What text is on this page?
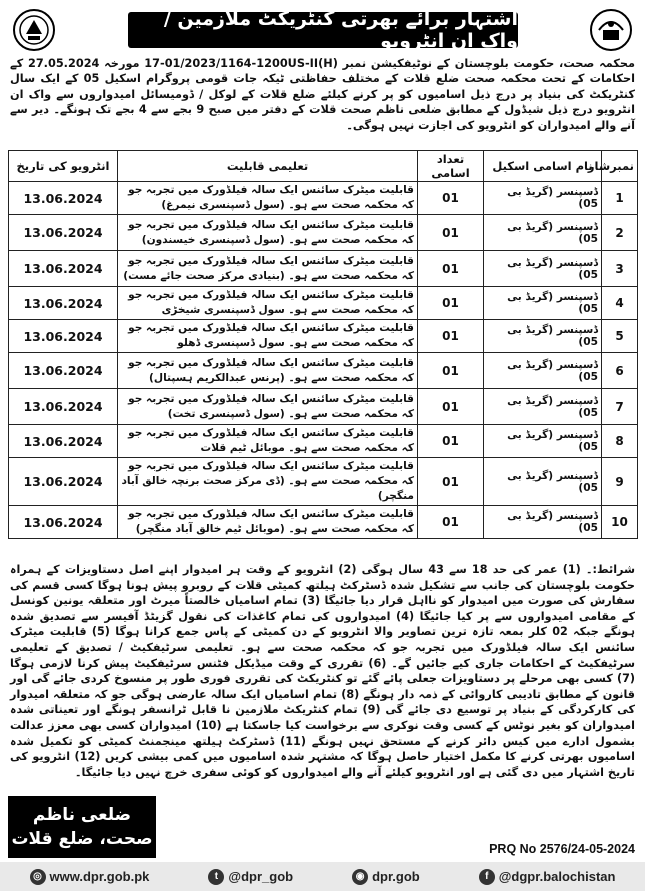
اشتہار برائے بھرتی کنٹریکٹ ملازمین / واک ان انٹرویو
محکمہ صحت، حکومت بلوچستان کے نوٹیفکیشن نمبر (H)17-01/2023/1164-1200US-II مورخہ 27.05.2024 کے احکامات کے تحت محکمہ صحت ضلع قلات کے مختلف حفاظتی ٹیکہ جات قومی پروگرام اسکیل 05 کے ایک سال کنٹریکٹ کی بنیاد پر درج ذیل اسامیوں کو پر کرنے کیلئے ضلع قلات کے لوکل / ڈومیسائل امیدواروں سے واک ان انٹرویو درج ذیل شیڈول کے مطابق ضلعی ناظم صحت قلات کے دفتر میں صبح 9 بجے سے 4 بجے تک ہونگے۔ دیر سے آنے والے امیدواران کو انٹرویو کی اجازت نہیں ہوگی۔
نمبرشار	نام اسامی اسکیل	تعداد اسامی	تعلیمی قابلیت	انٹرویو کی تاریخ
1	ڈسپنسر (گریڈ بی 05)	01	قابلیت میٹرک سائنس ایک سالہ فیلڈورک میں تجربہ جو کہ محکمہ صحت سے ہو۔ (سول ڈسپنسری نیمرغ)	13.06.2024
2	ڈسپنسر (گریڈ بی 05)	01	قابلیت میٹرک سائنس ایک سالہ فیلڈورک میں تجربہ جو کہ محکمہ صحت سے ہو۔ (سول ڈسپنسری خیسندون)	13.06.2024
3	ڈسپنسر (گریڈ بی 05)	01	قابلیت میٹرک سائنس ایک سالہ فیلڈورک میں تجربہ جو کہ محکمہ صحت سے ہو۔ (بنیادی مرکز صحت جائے مست)	13.06.2024
4	ڈسپنسر (گریڈ بی 05)	01	قابلیت میٹرک سائنس ایک سالہ فیلڈورک میں تجربہ جو کہ محکمہ صحت سے ہو۔ سول ڈسپنسری شیخڑی	13.06.2024
5	ڈسپنسر (گریڈ بی 05)	01	قابلیت میٹرک سائنس ایک سالہ فیلڈورک میں تجربہ جو کہ محکمہ صحت سے ہو۔ سول ڈسپنسری ڈھلو	13.06.2024
6	ڈسپنسر (گریڈ بی 05)	01	قابلیت میٹرک سائنس ایک سالہ فیلڈورک میں تجربہ جو کہ محکمہ صحت سے ہو۔ (پرنس عبدالکریم ہسپتال)	13.06.2024
7	ڈسپنسر (گریڈ بی 05)	01	قابلیت میٹرک سائنس ایک سالہ فیلڈورک میں تجربہ جو کہ محکمہ صحت سے ہو۔ (سول ڈسپنسری تخت)	13.06.2024
8	ڈسپنسر (گریڈ بی 05)	01	قابلیت میٹرک سائنس ایک سالہ فیلڈورک میں تجربہ جو کہ محکمہ صحت سے ہو۔ موبائل ٹیم قلات	13.06.2024
9	ڈسپنسر (گریڈ بی 05)	01	قابلیت میٹرک سائنس ایک سالہ فیلڈورک میں تجربہ جو کہ محکمہ صحت سے ہو۔ (ڈی مرکز صحت برنچہ خالق آباد منگچر)	13.06.2024
10	ڈسپنسر (گریڈ بی 05)	01	قابلیت میٹرک سائنس ایک سالہ فیلڈورک میں تجربہ جو کہ محکمہ صحت سے ہو۔ (موبائل ٹیم خالق آباد منگچر)	13.06.2024
شرائط:۔ (1) عمر کی حد 18 سے 43 سال ہوگی (2) انٹرویو کے وقت ہر امیدوار اپنے اصل دستاویزات کے ہمراہ حکومت بلوچستان کی جانب سے تشکیل شدہ ڈسٹرکٹ ہیلتھ کمیٹی قلات کے روبرو پیش ہونا ہوگا کسی قسم کی سفارش کی صورت میں امیدوار کو نااہل قرار دیا جائیگا (3) تمام اسامیاں خالصتاً میرٹ اور متعلقہ یونین کونسل کے مقامی امیدواروں سے پر کیا جائیگا (4) امیدواروں کی تمام کاغذات کی نقول گزیٹڈ آفیسر سے تصدیق شدہ ہونگے جبکہ 02 کلر بمعہ تازہ ترین تصاویر والا انٹرویو کے دن کمیٹی کے پاس جمع کرانا ہوگا (5) قابلیت میٹرک سائنس ایک سالہ فیلڈورک میں تجربہ جو کہ محکمہ صحت سے ہو۔ تعلیمی سرٹیفکیٹ / تصدیق کے تعلیمی سرٹیفکیٹ کے احکامات جاری کیے جائیں گے۔ (6) تقرری کے وقت میڈیکل فٹنس سرٹیفکیٹ پیش کرنا لازمی ہوگا (7) کسی بھی مرحلے پر دستاویزات جعلی پائے گئے تو کنٹریکٹ کی تقرری فوری طور پر منسوخ کردی جائے گی اور قانون کے مطابق تادیبی کاروائی کے ذمہ دار ہونگے (8) تمام اسامیاں ایک سالہ عارضی ہوگی جو کہ متعلقہ امیدوار کی کارکردگی کے بنیاد پر توسیع دی جائے گی (9) تمام کنٹریکٹ ملازمین نا قابل ٹرانسفر ہونگے اور تعیناتی شدہ امیدواران کو بغیر نوٹس کے کسی وقت نوکری سے برخواست کیا جاسکتا ہے (10) امیدواران کسی بھی معزز عدالت بشمول ادارے میں کیس دائر کرنے کے مستحق نہیں ہونگے (11) ڈسٹرکٹ ہیلتھ مینجمنٹ کمیٹی کو تکمیل شدہ اسامیوں بھرتی کرنے کا مکمل اختیار حاصل ہوگا کہ مشتہر شدہ اسامیوں میں کمی بیشی کریں (12) انٹرویو کی تاریخ اشتہار میں دی گئی ہے اور انٹرویو کیلئے آنے والے امیدواروں کو کوئی سفری خرچ نہیں دیا جائیگا۔
ضلعی ناظم
صحت، ضلع قلات	PRQ No 2576/24-05-2024
◎ www.dpr.gob.pk	t @dpr_gob	◉ dpr.gob	f @dgpr.balochistan
